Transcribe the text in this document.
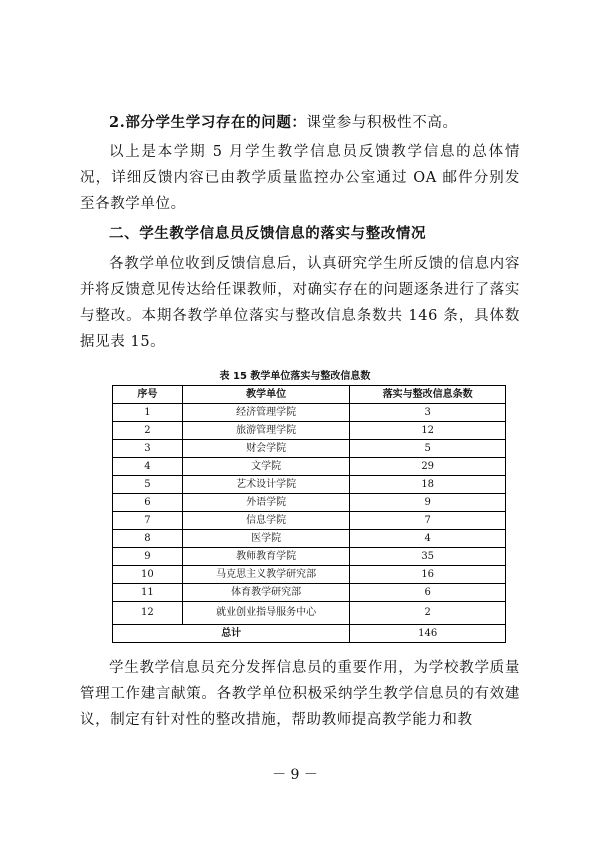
2.部分学生学习存在的问题：课堂参与积极性不高。

以上是本学期 5 月学生教学信息员反馈教学信息的总体情况，详细反馈内容已由教学质量监控办公室通过 OA 邮件分别发至各教学单位。

二、学生教学信息员反馈信息的落实与整改情况

各教学单位收到反馈信息后，认真研究学生所反馈的信息内容并将反馈意见传达给任课教师，对确实存在的问题逐条进行了落实与整改。本期各教学单位落实与整改信息条数共 146 条，具体数据见表 15。

表 15 教学单位落实与整改信息数
序号	教学单位	落实与整改信息条数
1	经济管理学院	3
2	旅游管理学院	12
3	财会学院	5
4	文学院	29
5	艺术设计学院	18
6	外语学院	9
7	信息学院	7
8	医学院	4
9	教师教育学院	35
10	马克思主义教学研究部	16
11	体育教学研究部	6
12	就业创业指导服务中心	2
总计		146

学生教学信息员充分发挥信息员的重要作用，为学校教学质量管理工作建言献策。各教学单位积极采纳学生教学信息员的有效建议，制定有针对性的整改措施，帮助教师提高教学能力和教

－ 9 －
